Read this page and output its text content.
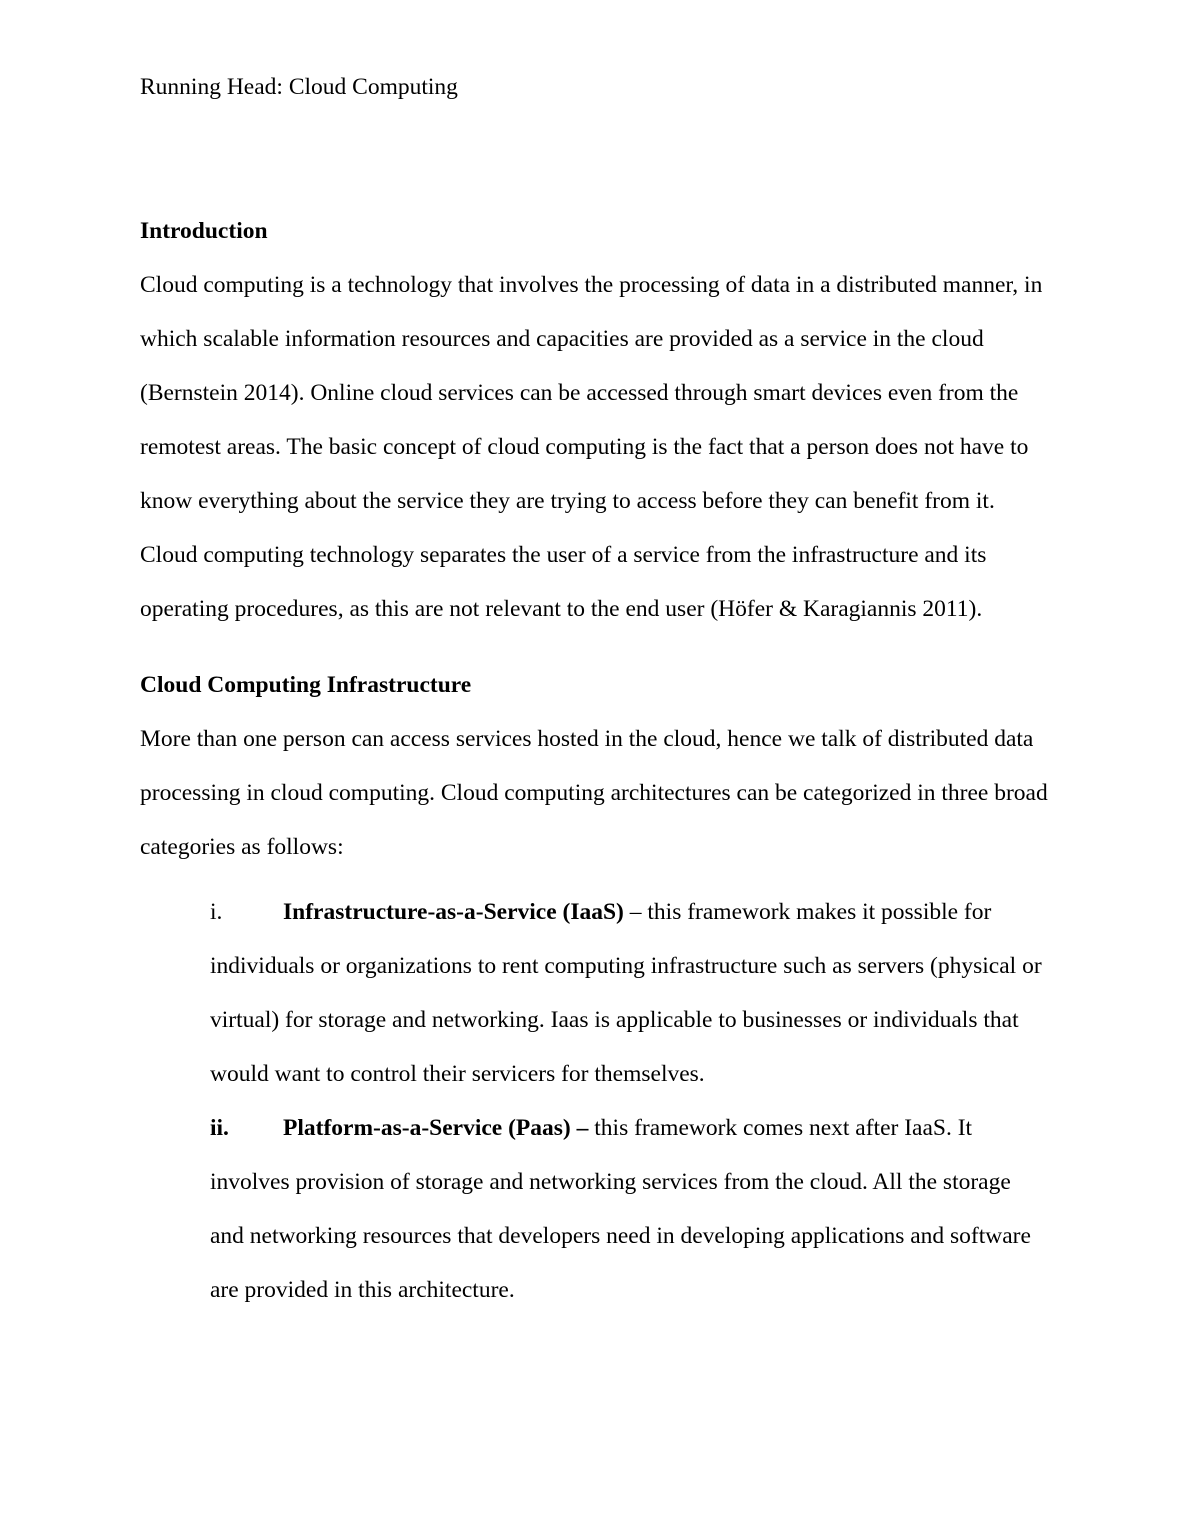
Running Head: Cloud Computing

Introduction

Cloud computing is a technology that involves the processing of data in a distributed manner, in which scalable information resources and capacities are provided as a service in the cloud (Bernstein 2014). Online cloud services can be accessed through smart devices even from the remotest areas. The basic concept of cloud computing is the fact that a person does not have to know everything about the service they are trying to access before they can benefit from it. Cloud computing technology separates the user of a service from the infrastructure and its operating procedures, as this are not relevant to the end user (Höfer & Karagiannis 2011).

Cloud Computing Infrastructure

More than one person can access services hosted in the cloud, hence we talk of distributed data processing in cloud computing. Cloud computing architectures can be categorized in three broad categories as follows:

i.	Infrastructure-as-a-Service (IaaS) – this framework makes it possible for individuals or organizations to rent computing infrastructure such as servers (physical or virtual) for storage and networking. Iaas is applicable to businesses or individuals that would want to control their servicers for themselves.
ii. Platform-as-a-Service (Paas) – this framework comes next after IaaS. It involves provision of storage and networking services from the cloud. All the storage and networking resources that developers need in developing applications and software are provided in this architecture.
